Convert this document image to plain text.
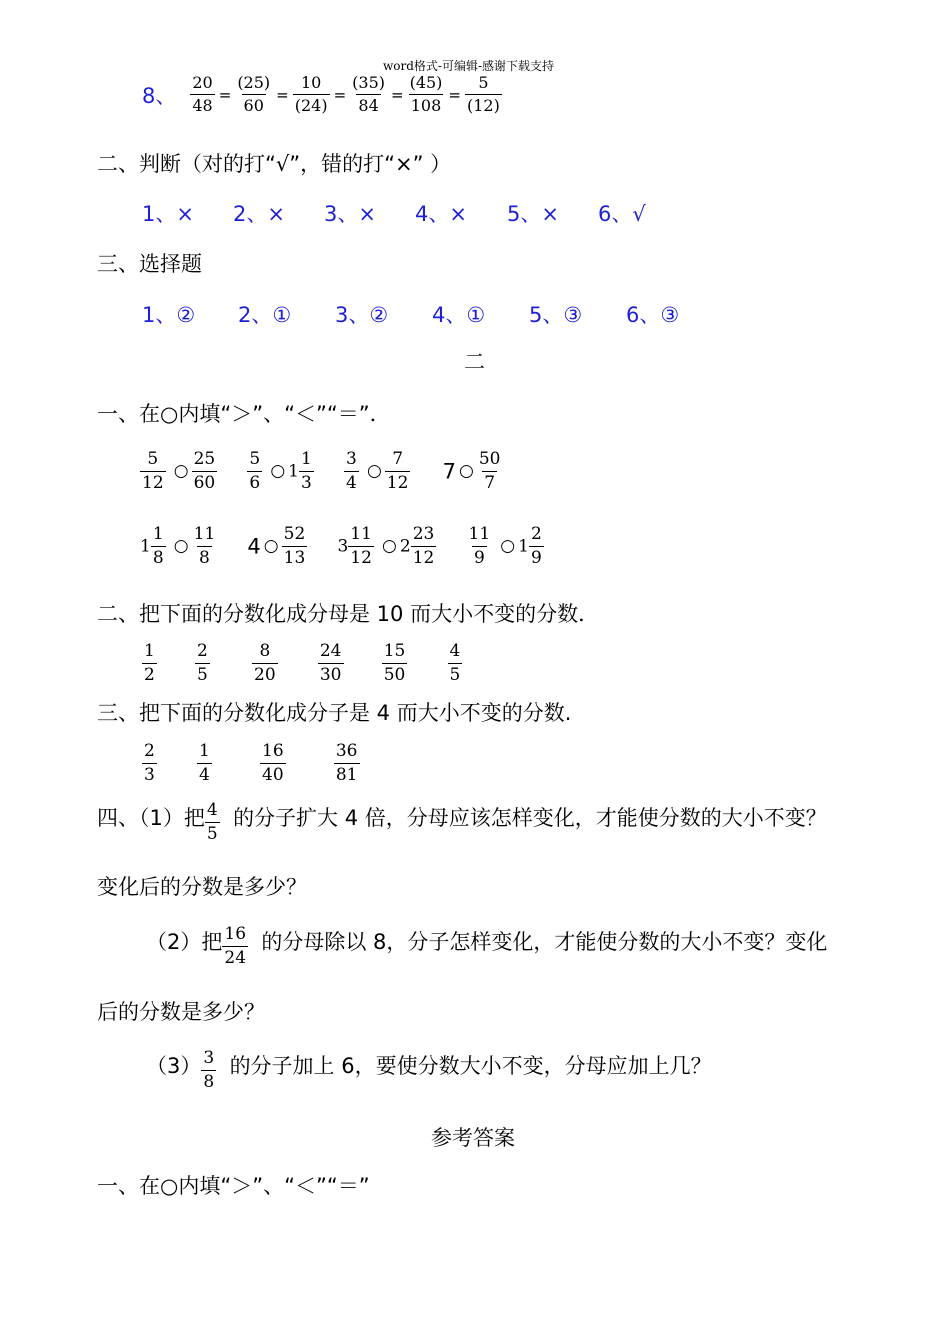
word格式-可编辑-感谢下载支持
8、 $\frac{20}{48} = \frac{(25)}{60} = \frac{10}{(24)} = \frac{(35)}{84} = \frac{(45)}{108} = \frac{5}{(12)}$
二、判断（对的打“√”，错的打“×” ）
1、× 2、× 3、× 4、× 5、× 6、√
三、选择题
1、② 2、① 3、② 4、① 5、③ 6、③
二
一、在○内填“＞”、“＜”“＝”．
$\frac{5}{12}$ ○ $\frac{25}{60}$
$\frac{5}{6}$ ○ $1 \frac{1}{3}$
$\frac{3}{4}$ ○ $\frac{7}{12} 7$ ○ $\frac{50}{7}$
$1 \frac{1}{8}$ ○ $\frac{11}{8} 4$ ○ $\frac{52}{13} 3 \frac{11}{12}$ ○ $2 \frac{23}{12}$
$\frac{11}{9}$ ○ $1 \frac{2}{9}$
二、把下面的分数化成分母是 10 而大小不变的分数．
$\frac{1}{2}$
$\frac{2}{5}$
$\frac{8}{20}$
$\frac{24}{30}$
$\frac{15}{50}$
$\frac{4}{5}$
三、把下面的分数化成分子是 4 而大小不变的分数.
$\frac{2}{3}$
$\frac{1}{4}$
	$\frac{16}{40}$
	$\frac{36}{81}$
四、（1）把 $\frac{4}{5}$ 的分子扩大 4 倍，分母应该怎样变化，才能使分数的大小不变？
变化后的分数是多少？
（2）把 $\frac{16}{24}$ 的分母除以 8，分子怎样变化，才能使分数的大小不变？变化
后的分数是多少？
$(3) \frac{3}{8}$ 的分子加上 6，要使分数大小不变，分母应加上几？
参考答案
一、在○内填“＞”、“＜”“＝”
